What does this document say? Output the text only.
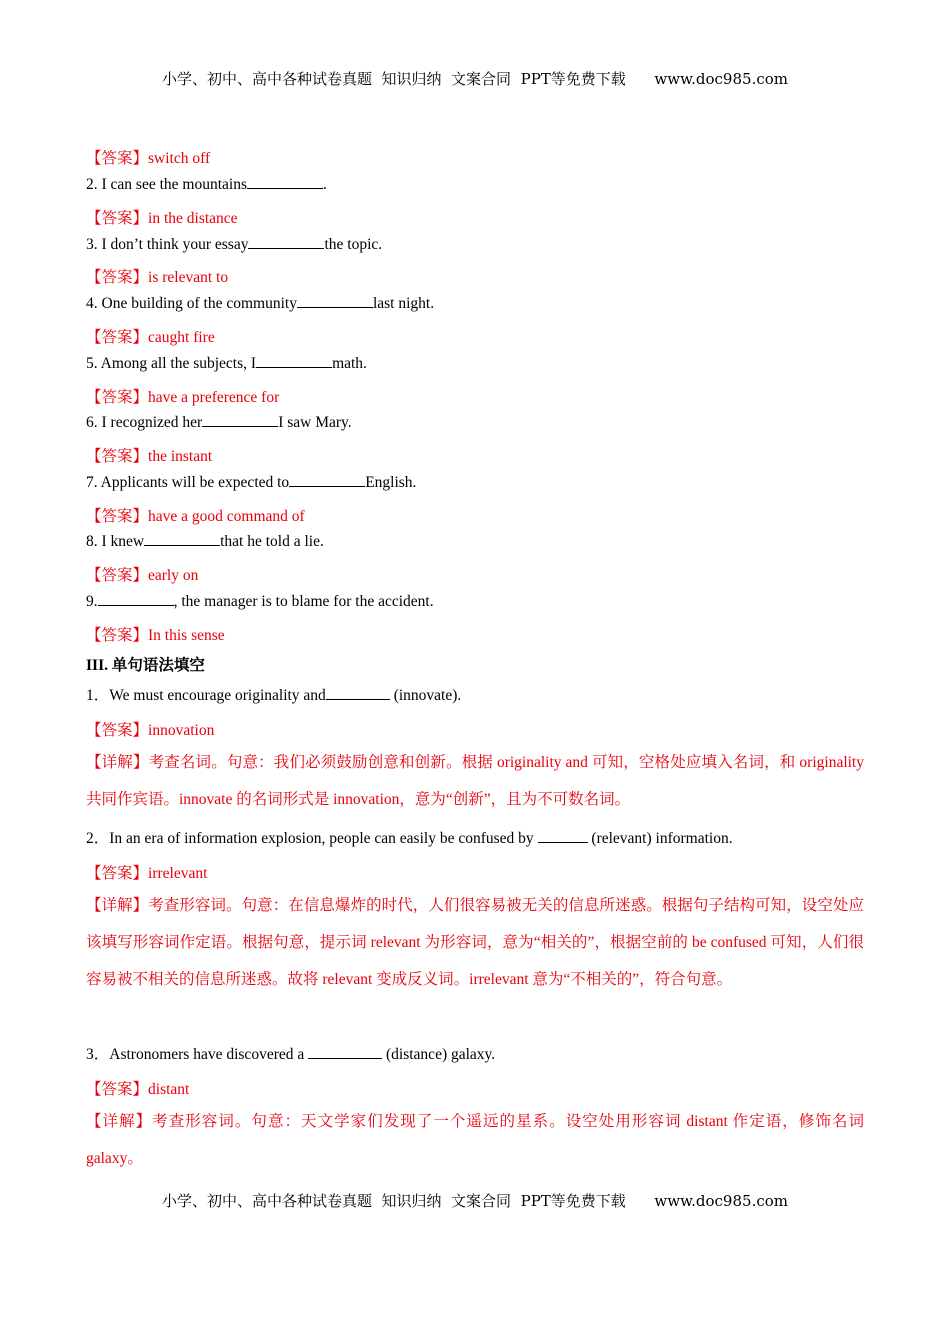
小学、初中、高中各种试卷真题  知识归纳  文案合同  PPT等免费下载      www.doc985.com
【答案】switch off
2. I can see the mountains	.
【答案】in the distance
3. I don’t think your essay	the topic.
【答案】is relevant to
4. One building of the community	last night.
【答案】caught fire
5. Among all the subjects, I	math.
【答案】have a preference for
6. I recognized her	I saw Mary.
【答案】the instant
7. Applicants will be expected to	English.
【答案】have a good command of
8. I knew	that he told a lie.
【答案】early on
9.	, the manager is to blame for the accident.
【答案】In this sense
III. 单句语法填空
1．We must encourage originality and	(innovate).
【答案】innovation
【详解】考查名词。句意：我们必须鼓励创意和创新。根据 originality and 可知，空格处应填入名词，和 originality 共同作宾语。innovate 的名词形式是 innovation，意为“创新”，且为不可数名词。
2．In an era of information explosion, people can easily be confused by	(relevant) information.
【答案】irrelevant
【详解】考查形容词。句意：在信息爆炸的时代，人们很容易被无关的信息所迷惑。根据句子结构可知，设空处应该填写形容词作定语。根据句意，提示词 relevant 为形容词，意为“相关的”，根据空前的 be confused 可知，人们很容易被不相关的信息所迷惑。故将 relevant 变成反义词。irrelevant 意为“不相关的”，符合句意。
3．Astronomers have discovered a	(distance) galaxy.
【答案】distant
【详解】考查形容词。句意：天文学家们发现了一个遥远的星系。设空处用形容词 distant 作定语，修饰名词 galaxy。
小学、初中、高中各种试卷真题  知识归纳  文案合同  PPT等免费下载      www.doc985.com
